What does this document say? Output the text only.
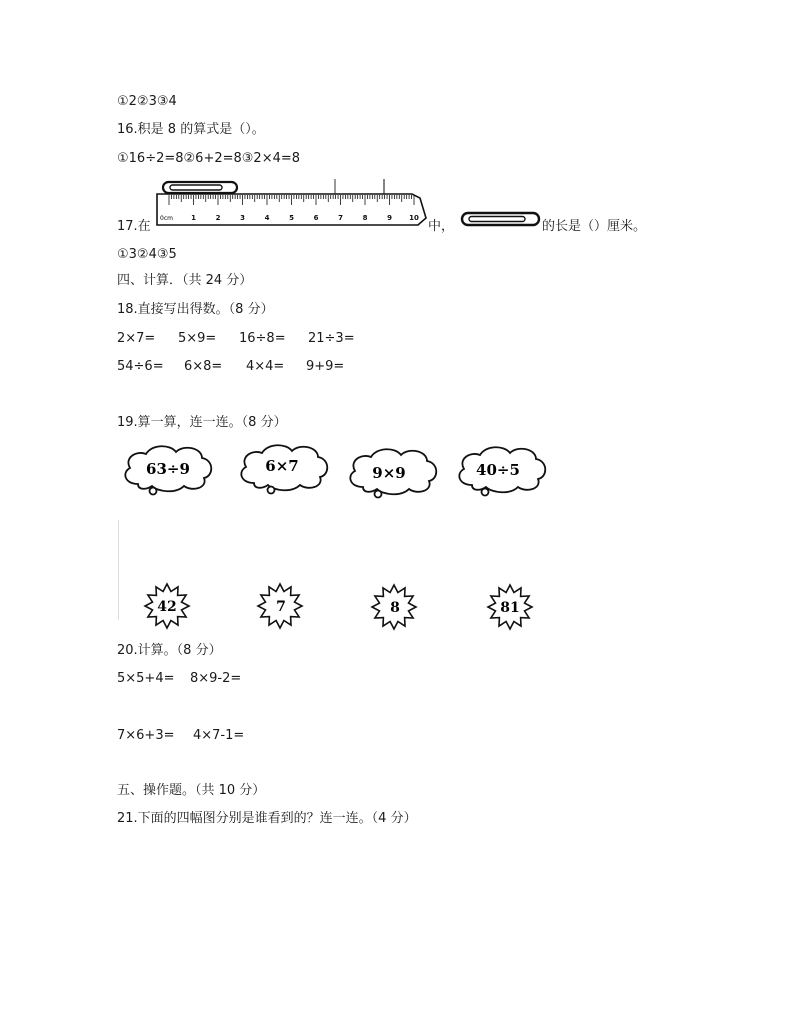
①2②3③4
16.积是 8 的算式是（）。
①16÷2=8②6+2=8③2×4=8
17.在
0cm	1	2	3	4	5	6	7	8	9 10
中，	的长是（）厘米。
①3②4③5
四、计算．（共 24 分）
18.直接写出得数。（8 分）
2×7=	5×9=	16÷8=	21÷3=
54÷6=	6×8=	4×4=	9+9=
19.算一算，连一连。（8 分）
63÷9	6×7	9×9	40÷5
42	7	8	81
20.计算。（8 分）
5×5+4=	8×9-2=
7×6+3=	4×7-1=
五、操作题。（共 10 分）
21.下面的四幅图分别是谁看到的？连一连。（4 分）
